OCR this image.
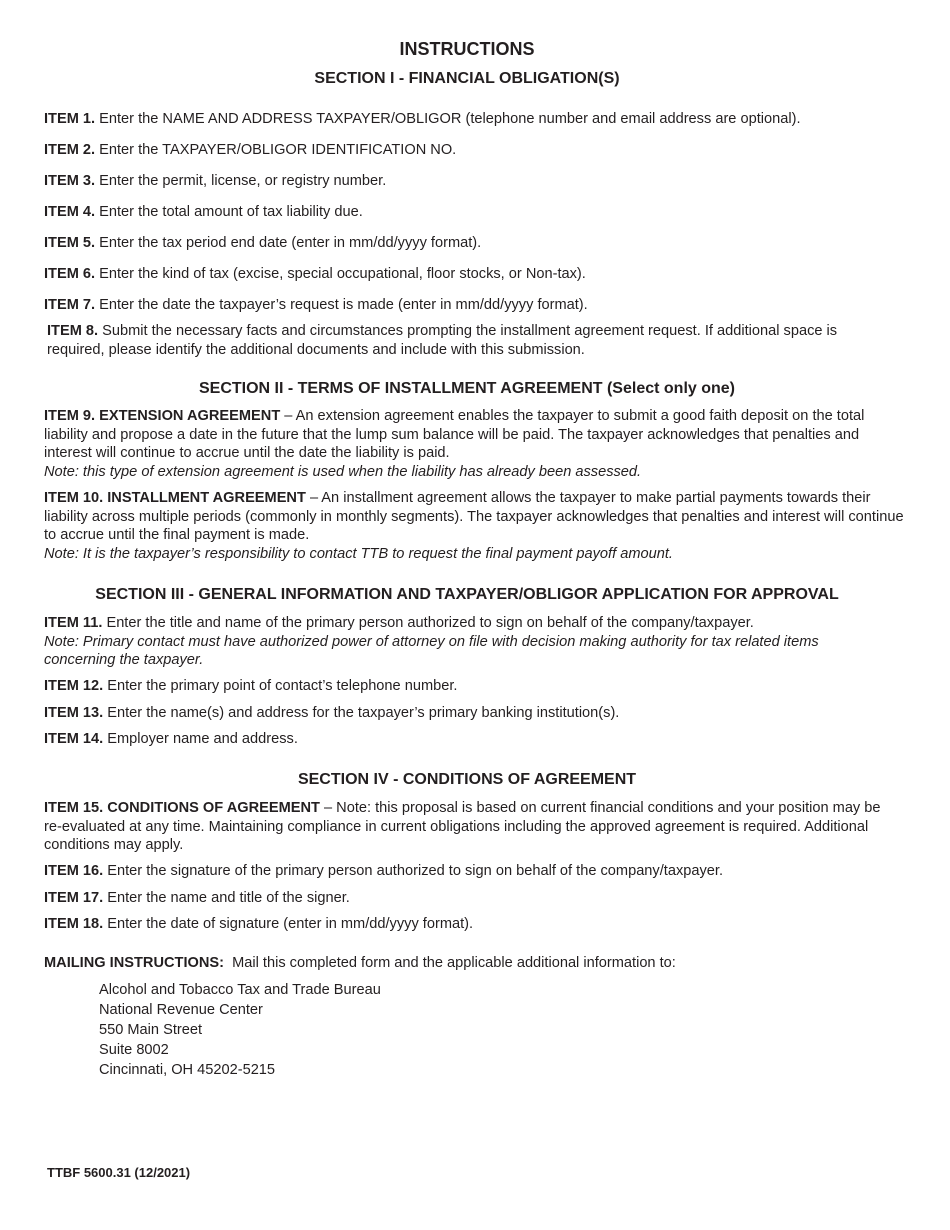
INSTRUCTIONS
SECTION I - FINANCIAL OBLIGATION(S)

ITEM 1. Enter the NAME AND ADDRESS TAXPAYER/OBLIGOR (telephone number and email address are optional).

ITEM 2. Enter the TAXPAYER/OBLIGOR IDENTIFICATION NO.

ITEM 3. Enter the permit, license, or registry number.

ITEM 4. Enter the total amount of tax liability due.

ITEM 5. Enter the tax period end date (enter in mm/dd/yyyy format).

ITEM 6. Enter the kind of tax (excise, special occupational, floor stocks, or Non-tax).

ITEM 7. Enter the date the taxpayer’s request is made (enter in mm/dd/yyyy format).

ITEM 8. Submit the necessary facts and circumstances prompting the installment agreement request. If additional space is required, please identify the additional documents and include with this submission.

SECTION II - TERMS OF INSTALLMENT AGREEMENT (Select only one)

ITEM 9. EXTENSION AGREEMENT – An extension agreement enables the taxpayer to submit a good faith deposit on the total liability and propose a date in the future that the lump sum balance will be paid. The taxpayer acknowledges that penalties and interest will continue to accrue until the date the liability is paid.
Note: this type of extension agreement is used when the liability has already been assessed.

ITEM 10. INSTALLMENT AGREEMENT – An installment agreement allows the taxpayer to make partial payments towards their liability across multiple periods (commonly in monthly segments). The taxpayer acknowledges that penalties and interest will continue to accrue until the final payment is made.
Note: It is the taxpayer’s responsibility to contact TTB to request the final payment payoff amount.

SECTION III - GENERAL INFORMATION AND TAXPAYER/OBLIGOR APPLICATION FOR APPROVAL

ITEM 11. Enter the title and name of the primary person authorized to sign on behalf of the company/taxpayer.
Note: Primary contact must have authorized power of attorney on file with decision making authority for tax related items concerning the taxpayer.

ITEM 12. Enter the primary point of contact’s telephone number.

ITEM 13. Enter the name(s) and address for the taxpayer’s primary banking institution(s).

ITEM 14. Employer name and address.

SECTION IV - CONDITIONS OF AGREEMENT

ITEM 15. CONDITIONS OF AGREEMENT – Note: this proposal is based on current financial conditions and your position may be re-evaluated at any time. Maintaining compliance in current obligations including the approved agreement is required. Additional conditions may apply.

ITEM 16. Enter the signature of the primary person authorized to sign on behalf of the company/taxpayer.

ITEM 17. Enter the name and title of the signer.

ITEM 18. Enter the date of signature (enter in mm/dd/yyyy format).

MAILING INSTRUCTIONS:  Mail this completed form and the applicable additional information to:

Alcohol and Tobacco Tax and Trade Bureau
National Revenue Center
550 Main Street
Suite 8002
Cincinnati, OH 45202-5215

TTBF 5600.31 (12/2021)
